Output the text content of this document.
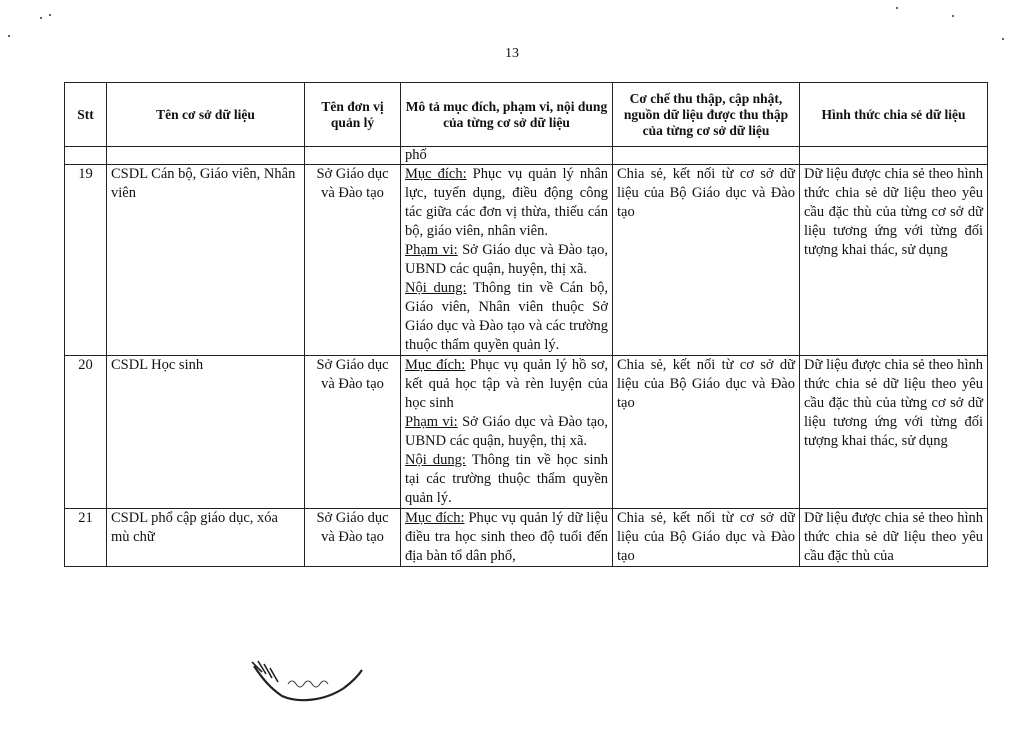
13
Stt	Tên cơ sở dữ liệu	Tên đơn vị quản lý	Mô tả mục đích, phạm vi, nội dung của từng cơ sở dữ liệu	Cơ chế thu thập, cập nhật, nguồn dữ liệu được thu thập của từng cơ sở dữ liệu	Hình thức chia sẻ dữ liệu
			phố		
19	CSDL Cán bộ, Giáo viên, Nhân viên	Sở Giáo dục và Đào tạo	Mục đích: Phục vụ quản lý nhân lực, tuyển dụng, điều động công tác giữa các đơn vị thừa, thiếu cán bộ, giáo viên, nhân viên.
Phạm vi: Sở Giáo dục và Đào tạo, UBND các quận, huyện, thị xã.
Nội dung: Thông tin về Cán bộ, Giáo viên, Nhân viên thuộc Sở Giáo dục và Đào tạo và các trường thuộc thẩm quyền quản lý.	Chia sẻ, kết nối từ cơ sở dữ liệu của Bộ Giáo dục và Đào tạo	Dữ liệu được chia sẻ theo hình thức chia sẻ dữ liệu theo yêu cầu đặc thù của từng cơ sở dữ liệu tương ứng với từng đối tượng khai thác, sử dụng
20	CSDL Học sinh	Sở Giáo dục và Đào tạo	Mục đích: Phục vụ quản lý hồ sơ, kết quả học tập và rèn luyện của học sinh
Phạm vi: Sở Giáo dục và Đào tạo, UBND các quận, huyện, thị xã.
Nội dung: Thông tin về học sinh tại các trường thuộc thẩm quyền quản lý.	Chia sẻ, kết nối từ cơ sở dữ liệu của Bộ Giáo dục và Đào tạo	Dữ liệu được chia sẻ theo hình thức chia sẻ dữ liệu theo yêu cầu đặc thù của từng cơ sở dữ liệu tương ứng với từng đối tượng khai thác, sử dụng

21	CSDL phổ cập giáo dục, xóa mù chữ	Sở Giáo dục và Đào tạo	Mục đích: Phục vụ quản lý dữ liệu điều tra học sinh theo độ tuổi đến địa bàn tổ dân phố,	Chia sẻ, kết nối từ cơ sở dữ liệu của Bộ Giáo dục và Đào tạo	Dữ liệu được chia sẻ theo hình thức chia sẻ dữ liệu theo yêu cầu đặc thù của
